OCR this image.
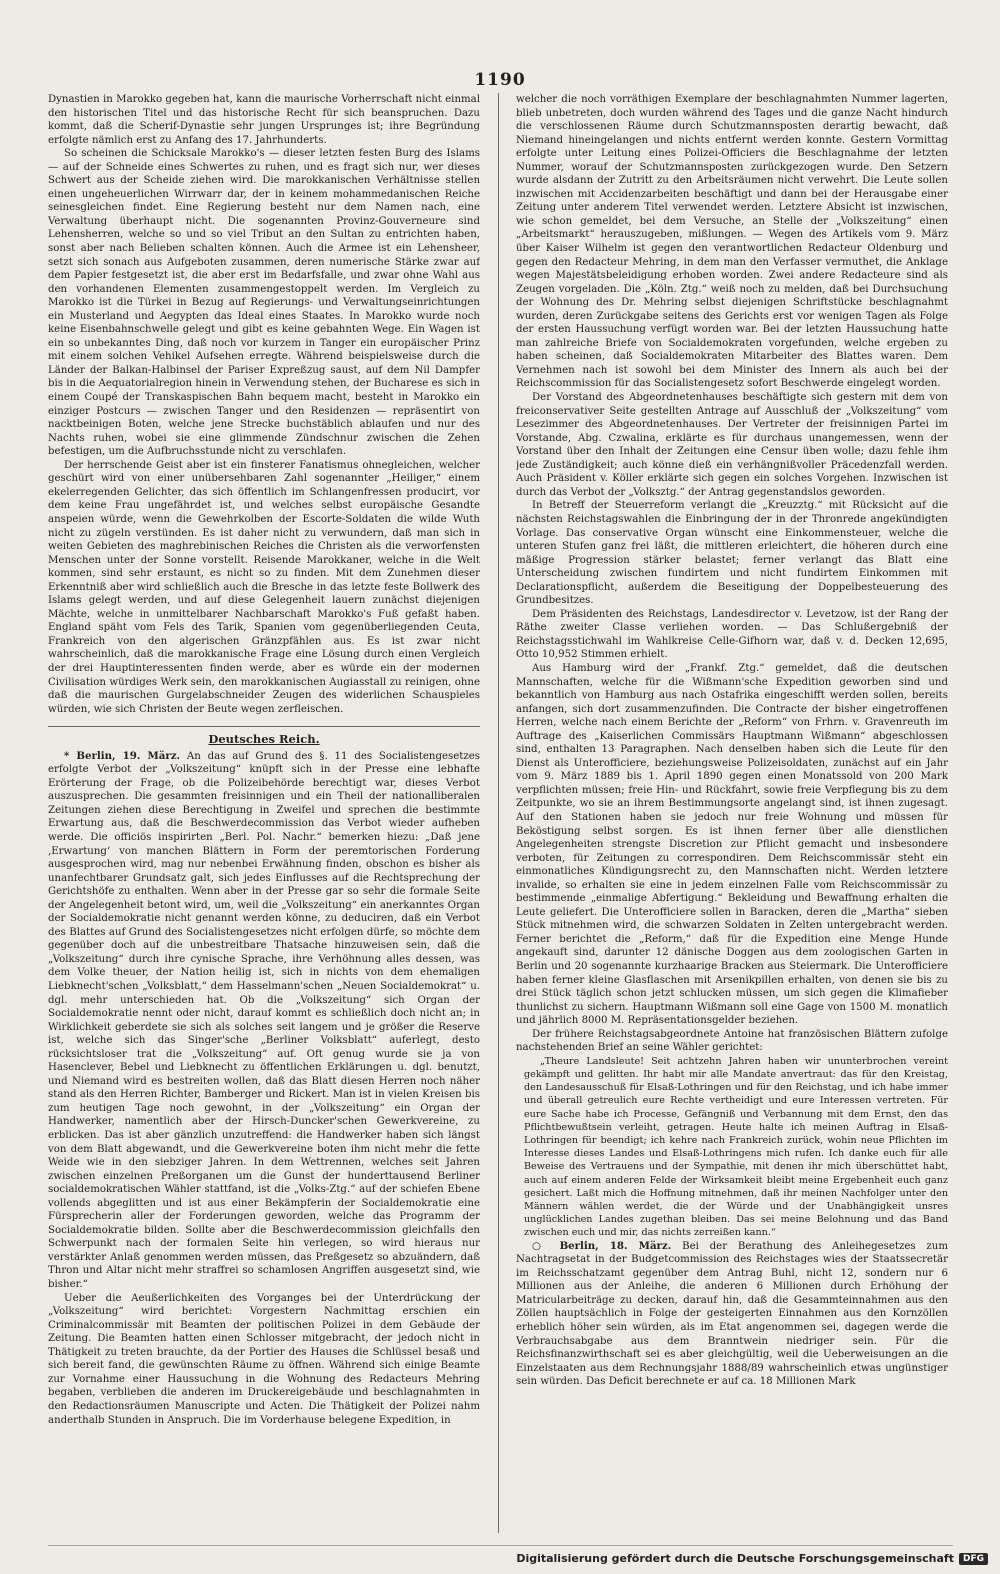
1190

Dynastien in Marokko gegeben hat, kann die maurische Vorherrschaft nicht einmal den historischen Titel und das historische Recht für sich beanspruchen. Dazu kommt, daß die Scherif-Dynastie sehr jungen Ursprunges ist; ihre Begründung erfolgte nämlich erst zu Anfang des 17. Jahrhunderts.

So scheinen die Schicksale Marokko's — dieser letzten festen Burg des Islams — auf der Schneide eines Schwertes zu ruhen, und es fragt sich nur, wer dieses Schwert aus der Scheide ziehen wird. Die marokkanischen Verhältnisse stellen einen ungeheuerlichen Wirrwarr dar, der in keinem mohammedanischen Reiche seinesgleichen findet. Eine Regierung besteht nur dem Namen nach, eine Verwaltung überhaupt nicht. Die sogenannten Provinz-Gouverneure sind Lehensherren, welche so und so viel Tribut an den Sultan zu entrichten haben, sonst aber nach Belieben schalten können. Auch die Armee ist ein Lehensheer, setzt sich sonach aus Aufgeboten zusammen, deren numerische Stärke zwar auf dem Papier festgesetzt ist, die aber erst im Bedarfsfalle, und zwar ohne Wahl aus den vorhandenen Elementen zusammengestoppelt werden. Im Vergleich zu Marokko ist die Türkei in Bezug auf Regierungs- und Verwaltungseinrichtungen ein Musterland und Aegypten das Ideal eines Staates. In Marokko wurde noch keine Eisenbahnschwelle gelegt und gibt es keine gebahnten Wege. Ein Wagen ist ein so unbekanntes Ding, daß noch vor kurzem in Tanger ein europäischer Prinz mit einem solchen Vehikel Aufsehen erregte. Während beispielsweise durch die Länder der Balkan-Halbinsel der Pariser Expreßzug saust, auf dem Nil Dampfer bis in die Aequatorialregion hinein in Verwendung stehen, der Bucharese es sich in einem Coupé der Transkaspischen Bahn bequem macht, besteht in Marokko ein einziger Postcurs — zwischen Tanger und den Residenzen — repräsentirt von nacktbeinigen Boten, welche jene Strecke buchstäblich ablaufen und nur des Nachts ruhen, wobei sie eine glimmende Zündschnur zwischen die Zehen befestigen, um die Aufbruchsstunde nicht zu verschlafen.

Der herrschende Geist aber ist ein finsterer Fanatismus ohnegleichen, welcher geschürt wird von einer unübersehbaren Zahl sogenannter „Heiliger,“ einem ekelerregenden Gelichter, das sich öffentlich im Schlangenfressen producirt, vor dem keine Frau ungefährdet ist, und welches selbst europäische Gesandte anspeien würde, wenn die Gewehrkolben der Escorte-Soldaten die wilde Wuth nicht zu zügeln verstünden. Es ist daher nicht zu verwundern, daß man sich in weiten Gebieten des maghrebinischen Reiches die Christen als die verworfensten Menschen unter der Sonne vorstellt. Reisende Marokkaner, welche in die Welt kommen, sind sehr erstaunt, es nicht so zu finden. Mit dem Zunehmen dieser Erkenntniß aber wird schließlich auch die Bresche in das letzte feste Bollwerk des Islams gelegt werden, und auf diese Gelegenheit lauern zunächst diejenigen Mächte, welche in unmittelbarer Nachbarschaft Marokko's Fuß gefaßt haben. England späht vom Fels des Tarik, Spanien vom gegenüberliegenden Ceuta, Frankreich von den algerischen Gränzpfählen aus. Es ist zwar nicht wahrscheinlich, daß die marokkanische Frage eine Lösung durch einen Vergleich der drei Hauptinteressenten finden werde, aber es würde ein der modernen Civilisation würdiges Werk sein, den marokkanischen Augiasstall zu reinigen, ohne daß die maurischen Gurgelabschneider Zeugen des widerlichen Schauspieles würden, wie sich Christen der Beute wegen zerfleischen.

Deutsches Reich.

* Berlin, 19. März. An das auf Grund des §. 11 des Socialistengesetzes erfolgte Verbot der „Volkszeitung“ knüpft sich in der Presse eine lebhafte Erörterung der Frage, ob die Polizeibehörde berechtigt war, dieses Verbot auszusprechen. Die gesammten freisinnigen und ein Theil der nationalliberalen Zeitungen ziehen diese Berechtigung in Zweifel und sprechen die bestimmte Erwartung aus, daß die Beschwerdecommission das Verbot wieder aufheben werde. Die officiös inspirirten „Berl. Pol. Nachr.“ bemerken hiezu: „Daß jene ‚Erwartung‘ von manchen Blättern in Form der peremtorischen Forderung ausgesprochen wird, mag nur nebenbei Erwähnung finden, obschon es bisher als unanfechtbarer Grundsatz galt, sich jedes Einflusses auf die Rechtsprechung der Gerichtshöfe zu enthalten. Wenn aber in der Presse gar so sehr die formale Seite der Angelegenheit betont wird, um, weil die „Volkszeitung“ ein anerkanntes Organ der Socialdemokratie nicht genannt werden könne, zu deduciren, daß ein Verbot des Blattes auf Grund des Socialistengesetzes nicht erfolgen dürfe, so möchte dem gegenüber doch auf die unbestreitbare Thatsache hinzuweisen sein, daß die „Volkszeitung“ durch ihre cynische Sprache, ihre Verhöhnung alles dessen, was dem Volke theuer, der Nation heilig ist, sich in nichts von dem ehemaligen Liebknecht'schen „Volksblatt,“ dem Hasselmann'schen „Neuen Socialdemokrat“ u. dgl. mehr unterschieden hat. Ob die „Volkszeitung“ sich Organ der Socialdemokratie nennt oder nicht, darauf kommt es schließlich doch nicht an; in Wirklichkeit geberdete sie sich als solches seit langem und je größer die Reserve ist, welche sich das Singer'sche „Berliner Volksblatt“ auferlegt, desto rücksichtsloser trat die „Volkszeitung“ auf. Oft genug wurde sie ja von Hasenclever, Bebel und Liebknecht zu öffentlichen Erklärungen u. dgl. benutzt, und Niemand wird es bestreiten wollen, daß das Blatt diesen Herren noch näher stand als den Herren Richter, Bamberger und Rickert. Man ist in vielen Kreisen bis zum heutigen Tage noch gewohnt, in der „Volkszeitung“ ein Organ der Handwerker, namentlich aber der Hirsch-Duncker'schen Gewerkvereine, zu erblicken. Das ist aber gänzlich unzutreffend: die Handwerker haben sich längst von dem Blatt abgewandt, und die Gewerkvereine boten ihm nicht mehr die fette Weide wie in den siebziger Jahren. In dem Wettrennen, welches seit Jahren zwischen einzelnen Preßorganen um die Gunst der hunderttausend Berliner socialdemokratischen Wähler stattfand, ist die „Volks-Ztg.“ auf der schiefen Ebene vollends abgeglitten und ist aus einer Bekämpferin der Socialdemokratie eine Fürsprecherin aller der Forderungen geworden, welche das Programm der Socialdemokratie bilden. Sollte aber die Beschwerdecommission gleichfalls den Schwerpunkt nach der formalen Seite hin verlegen, so wird hieraus nur verstärkter Anlaß genommen werden müssen, das Preßgesetz so abzuändern, daß Thron und Altar nicht mehr straffrei so schamlosen Angriffen ausgesetzt sind, wie bisher.“

Ueber die Aeußerlichkeiten des Vorganges bei der Unterdrückung der „Volkszeitung“ wird berichtet: Vorgestern Nachmittag erschien ein Criminalcommissär mit Beamten der politischen Polizei in dem Gebäude der Zeitung. Die Beamten hatten einen Schlosser mitgebracht, der jedoch nicht in Thätigkeit zu treten brauchte, da der Portier des Hauses die Schlüssel besaß und sich bereit fand, die gewünschten Räume zu öffnen. Während sich einige Beamte zur Vornahme einer Haussuchung in die Wohnung des Redacteurs Mehring begaben, verblieben die anderen im Druckereigebäude und beschlagnahmten in den Redactionsräumen Manuscripte und Acten. Die Thätigkeit der Polizei nahm anderthalb Stunden in Anspruch. Die im Vorderhause belegene Expedition, in

welcher die noch vorräthigen Exemplare der beschlagnahmten Nummer lagerten, blieb unbetreten, doch wurden während des Tages und die ganze Nacht hindurch die verschlossenen Räume durch Schutzmannsposten derartig bewacht, daß Niemand hineingelangen und nichts entfernt werden konnte. Gestern Vormittag erfolgte unter Leitung eines Polizei-Officiers die Beschlagnahme der letzten Nummer, worauf der Schutzmannsposten zurückgezogen wurde. Den Setzern wurde alsdann der Zutritt zu den Arbeitsräumen nicht verwehrt. Die Leute sollen inzwischen mit Accidenzarbeiten beschäftigt und dann bei der Herausgabe einer Zeitung unter anderem Titel verwendet werden. Letztere Absicht ist inzwischen, wie schon gemeldet, bei dem Versuche, an Stelle der „Volkszeitung“ einen „Arbeitsmarkt“ herauszugeben, mißlungen. — Wegen des Artikels vom 9. März über Kaiser Wilhelm ist gegen den verantwortlichen Redacteur Oldenburg und gegen den Redacteur Mehring, in dem man den Verfasser vermuthet, die Anklage wegen Majestätsbeleidigung erhoben worden. Zwei andere Redacteure sind als Zeugen vorgeladen. Die „Köln. Ztg.“ weiß noch zu melden, daß bei Durchsuchung der Wohnung des Dr. Mehring selbst diejenigen Schriftstücke beschlagnahmt wurden, deren Zurückgabe seitens des Gerichts erst vor wenigen Tagen als Folge der ersten Haussuchung verfügt worden war. Bei der letzten Haussuchung hatte man zahlreiche Briefe von Socialdemokraten vorgefunden, welche ergeben zu haben scheinen, daß Socialdemokraten Mitarbeiter des Blattes waren. Dem Vernehmen nach ist sowohl bei dem Minister des Innern als auch bei der Reichscommission für das Socialistengesetz sofort Beschwerde eingelegt worden.

Der Vorstand des Abgeordnetenhauses beschäftigte sich gestern mit dem von freiconservativer Seite gestellten Antrage auf Ausschluß der „Volkszeitung“ vom Lesezimmer des Abgeordnetenhauses. Der Vertreter der freisinnigen Partei im Vorstande, Abg. Czwalina, erklärte es für durchaus unangemessen, wenn der Vorstand über den Inhalt der Zeitungen eine Censur üben wolle; dazu fehle ihm jede Zuständigkeit; auch könne dieß ein verhängnißvoller Präcedenzfall werden. Auch Präsident v. Köller erklärte sich gegen ein solches Vorgehen. Inzwischen ist durch das Verbot der „Volksztg.“ der Antrag gegenstandslos geworden.

In Betreff der Steuerreform verlangt die „Kreuzztg.“ mit Rücksicht auf die nächsten Reichstagswahlen die Einbringung der in der Thronrede angekündigten Vorlage. Das conservative Organ wünscht eine Einkommensteuer, welche die unteren Stufen ganz frei läßt, die mittleren erleichtert, die höheren durch eine mäßige Progression stärker belastet; ferner verlangt das Blatt eine Unterscheidung zwischen fundirtem und nicht fundirtem Einkommen mit Declarationspflicht, außerdem die Beseitigung der Doppelbesteuerung des Grundbesitzes.

Dem Präsidenten des Reichstags, Landesdirector v. Levetzow, ist der Rang der Räthe zweiter Classe verliehen worden. — Das Schlußergebniß der Reichstagsstichwahl im Wahlkreise Celle-Gifhorn war, daß v. d. Decken 12,695, Otto 10,952 Stimmen erhielt.

Aus Hamburg wird der „Frankf. Ztg.“ gemeldet, daß die deutschen Mannschaften, welche für die Wißmann'sche Expedition geworben sind und bekanntlich von Hamburg aus nach Ostafrika eingeschifft werden sollen, bereits anfangen, sich dort zusammenzufinden. Die Contracte der bisher eingetroffenen Herren, welche nach einem Berichte der „Reform“ von Frhrn. v. Gravenreuth im Auftrage des „Kaiserlichen Commissärs Hauptmann Wißmann“ abgeschlossen sind, enthalten 13 Paragraphen. Nach denselben haben sich die Leute für den Dienst als Unterofficiere, beziehungsweise Polizeisoldaten, zunächst auf ein Jahr vom 9. März 1889 bis 1. April 1890 gegen einen Monatssold von 200 Mark verpflichten müssen; freie Hin- und Rückfahrt, sowie freie Verpflegung bis zu dem Zeitpunkte, wo sie an ihrem Bestimmungsorte angelangt sind, ist ihnen zugesagt. Auf den Stationen haben sie jedoch nur freie Wohnung und müssen für Beköstigung selbst sorgen. Es ist ihnen ferner über alle dienstlichen Angelegenheiten strengste Discretion zur Pflicht gemacht und insbesondere verboten, für Zeitungen zu correspondiren. Dem Reichscommissär steht ein einmonatliches Kündigungsrecht zu, den Mannschaften nicht. Werden letztere invalide, so erhalten sie eine in jedem einzelnen Falle vom Reichscommissär zu bestimmende „einmalige Abfertigung.“ Bekleidung und Bewaffnung erhalten die Leute geliefert. Die Unterofficiere sollen in Baracken, deren die „Martha“ sieben Stück mitnehmen wird, die schwarzen Soldaten in Zelten untergebracht werden. Ferner berichtet die „Reform,“ daß für die Expedition eine Menge Hunde angekauft sind, darunter 12 dänische Doggen aus dem zoologischen Garten in Berlin und 20 sogenannte kurzhaarige Bracken aus Steiermark. Die Unterofficiere haben ferner kleine Glasflaschen mit Arsenikpillen erhalten, von denen sie bis zu drei Stück täglich schon jetzt schlucken müssen, um sich gegen die Klimafieber thunlichst zu sichern. Hauptmann Wißmann soll eine Gage von 1500 M. monatlich und jährlich 8000 M. Repräsentationsgelder beziehen.

Der frühere Reichstagsabgeordnete Antoine hat französischen Blättern zufolge nachstehenden Brief an seine Wähler gerichtet:

„Theure Landsleute! Seit achtzehn Jahren haben wir ununterbrochen vereint gekämpft und gelitten. Ihr habt mir alle Mandate anvertraut: das für den Kreistag, den Landesausschuß für Elsaß-Lothringen und für den Reichstag, und ich habe immer und überall getreulich eure Rechte vertheidigt und eure Interessen vertreten. Für eure Sache habe ich Processe, Gefängniß und Verbannung mit dem Ernst, den das Pflichtbewußtsein verleiht, getragen. Heute halte ich meinen Auftrag in Elsaß-Lothringen für beendigt; ich kehre nach Frankreich zurück, wohin neue Pflichten im Interesse dieses Landes und Elsaß-Lothringens mich rufen. Ich danke euch für alle Beweise des Vertrauens und der Sympathie, mit denen ihr mich überschüttet habt, auch auf einem anderen Felde der Wirksamkeit bleibt meine Ergebenheit euch ganz gesichert. Laßt mich die Hoffnung mitnehmen, daß ihr meinen Nachfolger unter den Männern wählen werdet, die der Würde und der Unabhängigkeit unsres unglücklichen Landes zugethan bleiben. Das sei meine Belohnung und das Band zwischen euch und mir, das nichts zerreißen kann.“

○ Berlin, 18. März. Bei der Berathung des Anleihegesetzes zum Nachtragsetat in der Budgetcommission des Reichstages wies der Staatssecretär im Reichsschatzamt gegenüber dem Antrag Buhl, nicht 12, sondern nur 6 Millionen aus der Anleihe, die anderen 6 Millionen durch Erhöhung der Matricularbeiträge zu decken, darauf hin, daß die Gesammteinnahmen aus den Zöllen hauptsächlich in Folge der gesteigerten Einnahmen aus den Kornzöllen erheblich höher sein würden, als im Etat angenommen sei, dagegen werde die Verbrauchsabgabe aus dem Branntwein niedriger sein. Für die Reichsfinanzwirthschaft sei es aber gleichgültig, weil die Ueberweisungen an die Einzelstaaten aus dem Rechnungsjahr 1888/89 wahrscheinlich etwas ungünstiger sein würden. Das Deficit berechnete er auf ca. 18 Millionen Mark

Digitalisierung gefördert durch die Deutsche Forschungsgemeinschaft	DFG
